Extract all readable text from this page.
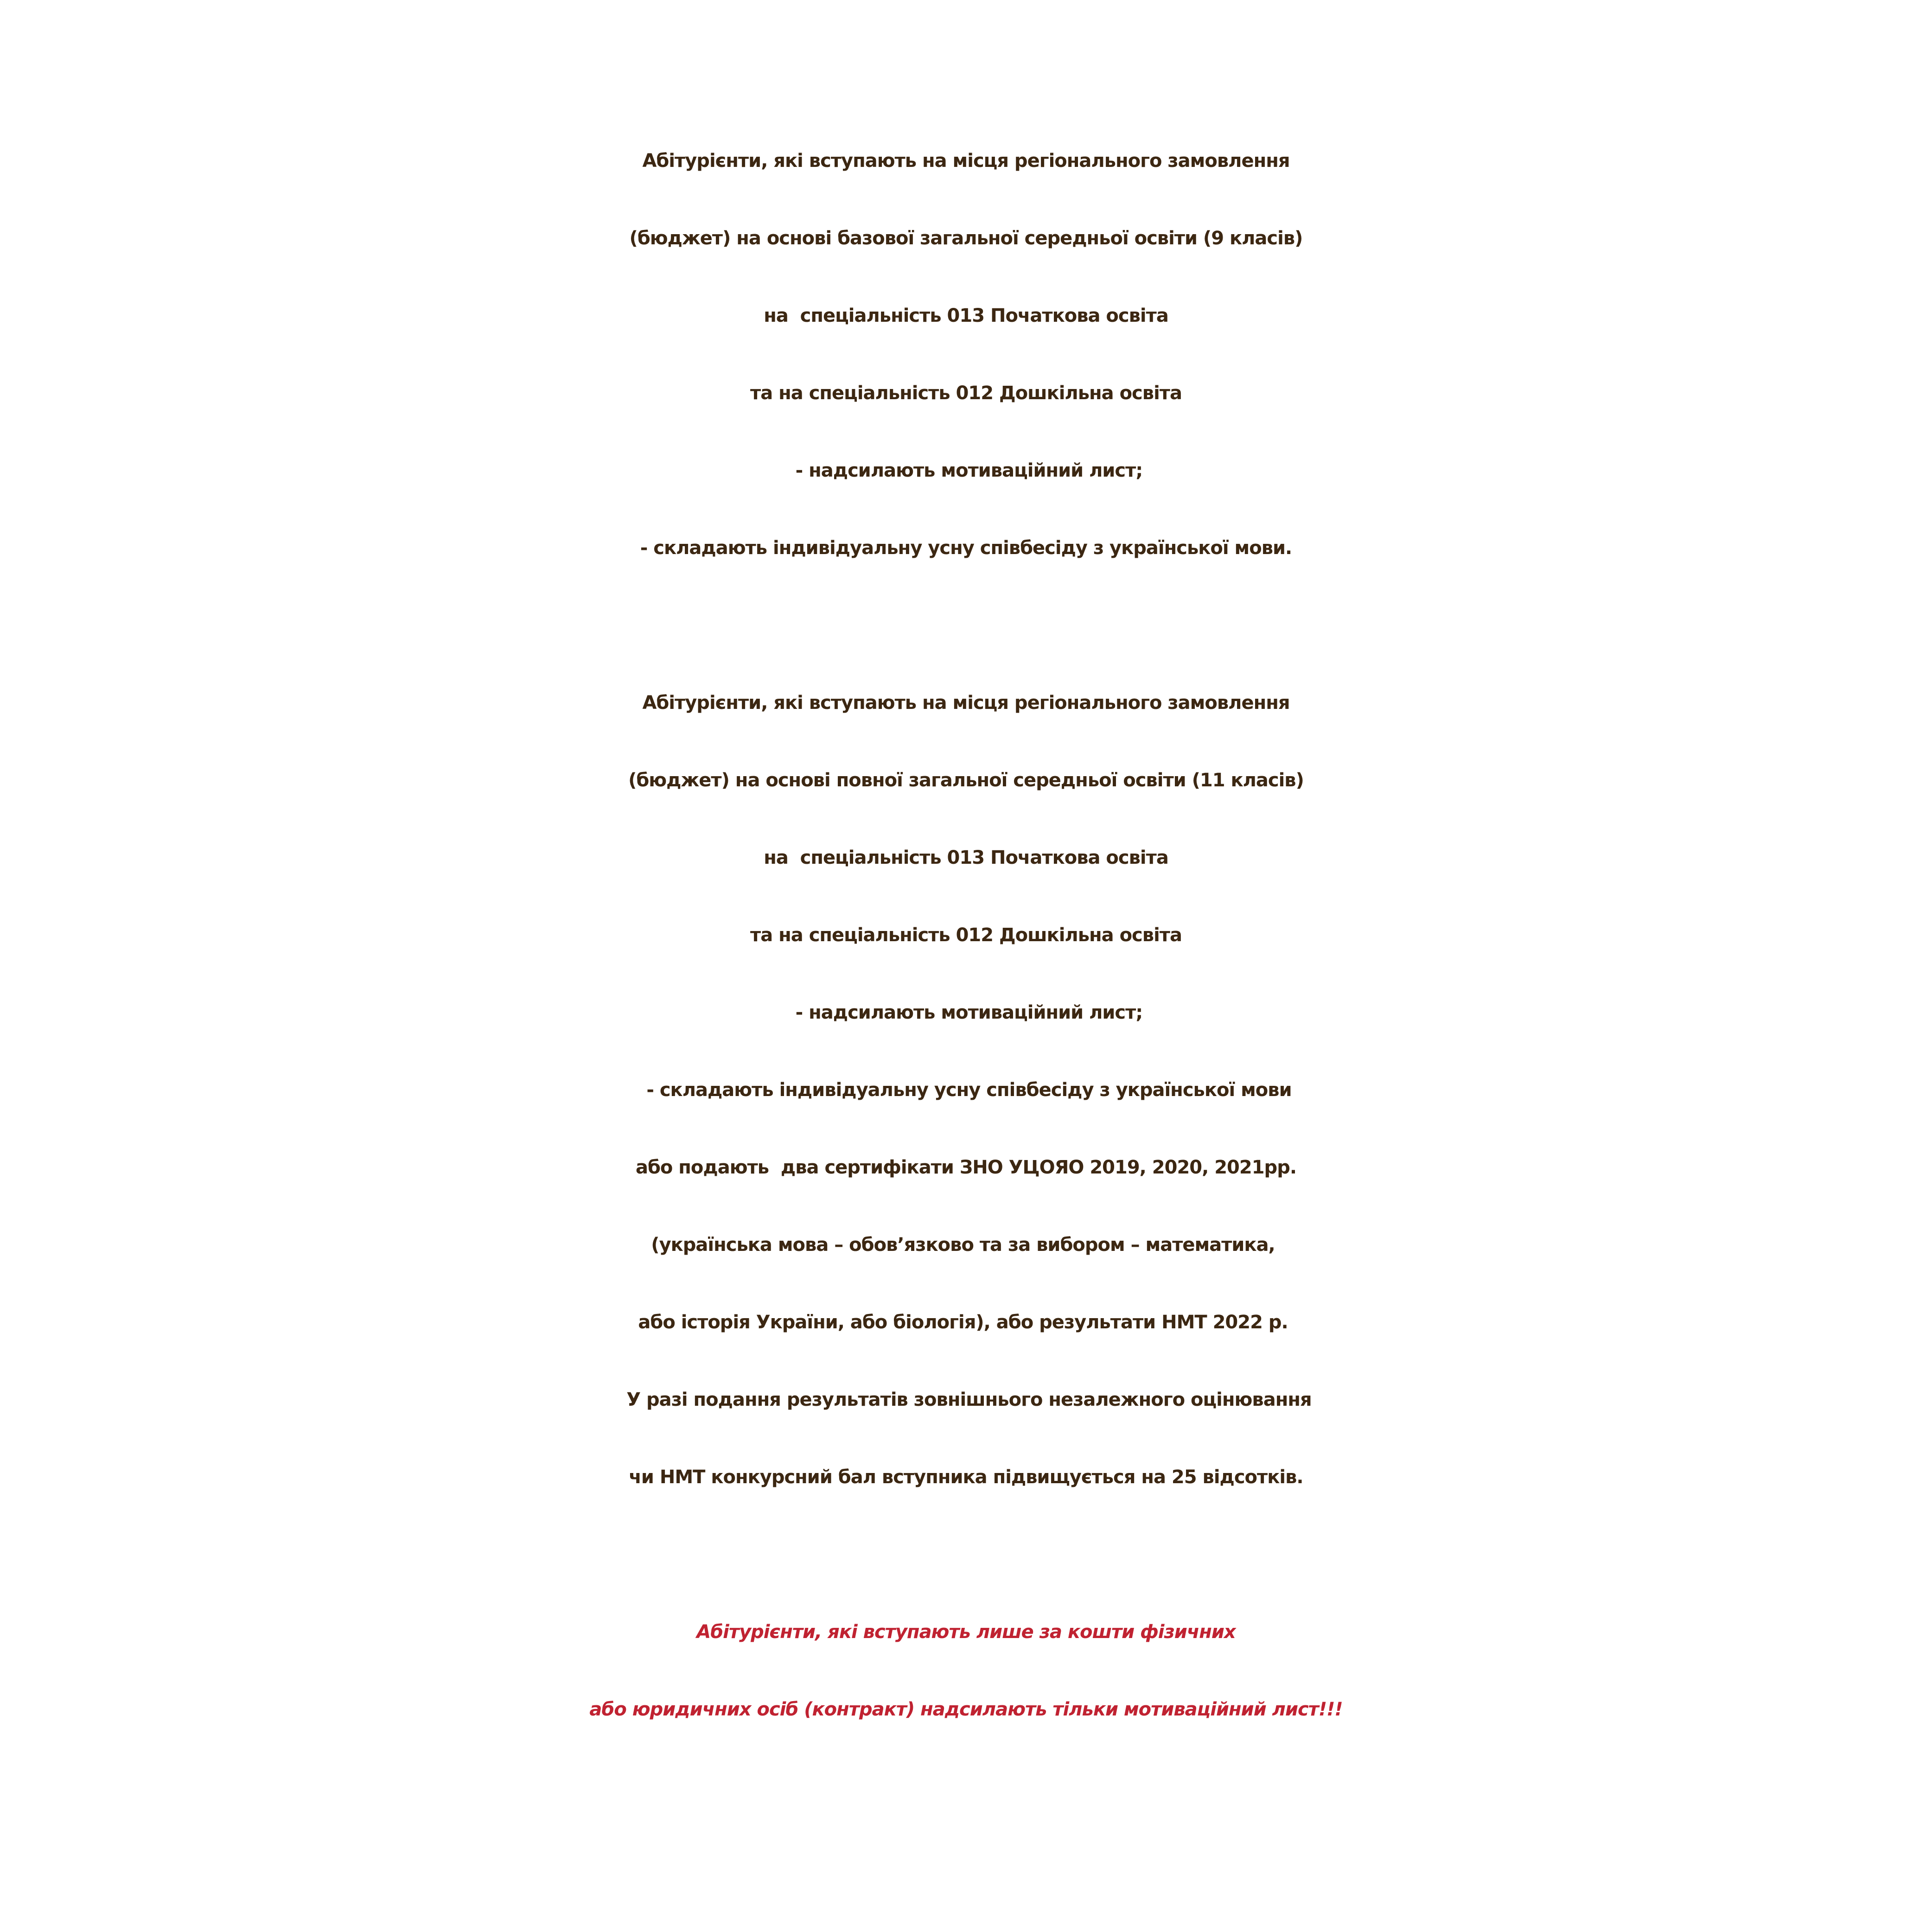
Абітурієнти, які вступають на місця регіонального замовлення
(бюджет) на основі базової загальної середньої освіти (9 класів)
на  спеціальність 013 Початкова освіта
та на спеціальність 012 Дошкільна освіта
- надсилають мотиваційний лист;
- складають індивідуальну усну співбесіду з української мови.
Абітурієнти, які вступають на місця регіонального замовлення
(бюджет) на основі повної загальної середньої освіти (11 класів)
на  спеціальність 013 Початкова освіта
та на спеціальність 012 Дошкільна освіта
- надсилають мотиваційний лист;
- складають індивідуальну усну співбесіду з української мови
або подають  два сертифікати ЗНО УЦОЯО 2019, 2020, 2021рр.
(українська мова – обов’язково та за вибором – математика,
або історія України, або біологія), або результати НМТ 2022 р.
У разі подання результатів зовнішнього незалежного оцінювання
чи НМТ конкурсний бал вступника підвищується на 25 відсотків.
Абітурієнти, які вступають лише за кошти фізичних
або юридичних осіб (контракт) надсилають тільки мотиваційний лист!!!
